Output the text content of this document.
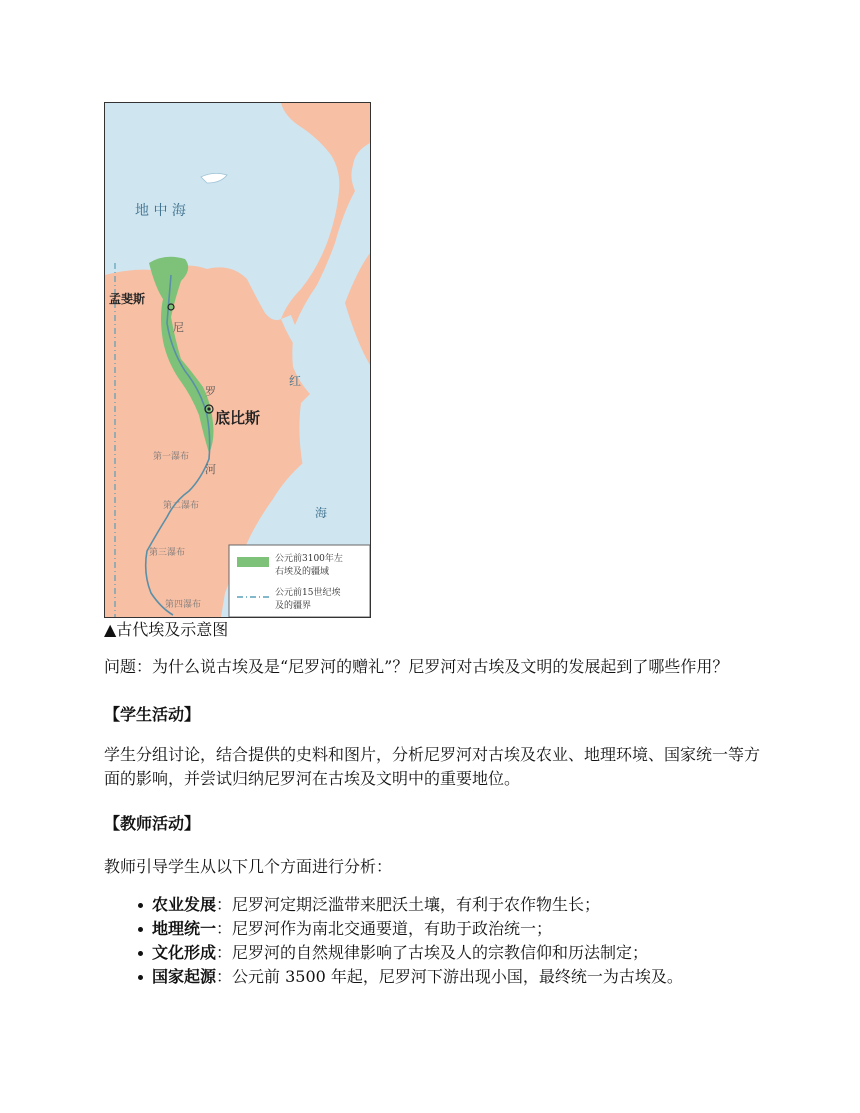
地 中 海
孟斐斯
底比斯
尼
罗
河
红
海
第一瀑布
第二瀑布
第三瀑布
第四瀑布
公元前3100年左
右埃及的疆域
公元前15世纪埃
及的疆界
▲古代埃及示意图
问题：为什么说古埃及是“尼罗河的赠礼”？尼罗河对古埃及文明的发展起到了哪些作用？
【学生活动】
学生分组讨论，结合提供的史料和图片，分析尼罗河对古埃及农业、地理环境、国家统一等方面的影响，并尝试归纳尼罗河在古埃及文明中的重要地位。
【教师活动】
教师引导学生从以下几个方面进行分析：
农业发展：尼罗河定期泛滥带来肥沃土壤，有利于农作物生长；
地理统一：尼罗河作为南北交通要道，有助于政治统一；
文化形成：尼罗河的自然规律影响了古埃及人的宗教信仰和历法制定；
国家起源：公元前 3500 年起，尼罗河下游出现小国，最终统一为古埃及。
